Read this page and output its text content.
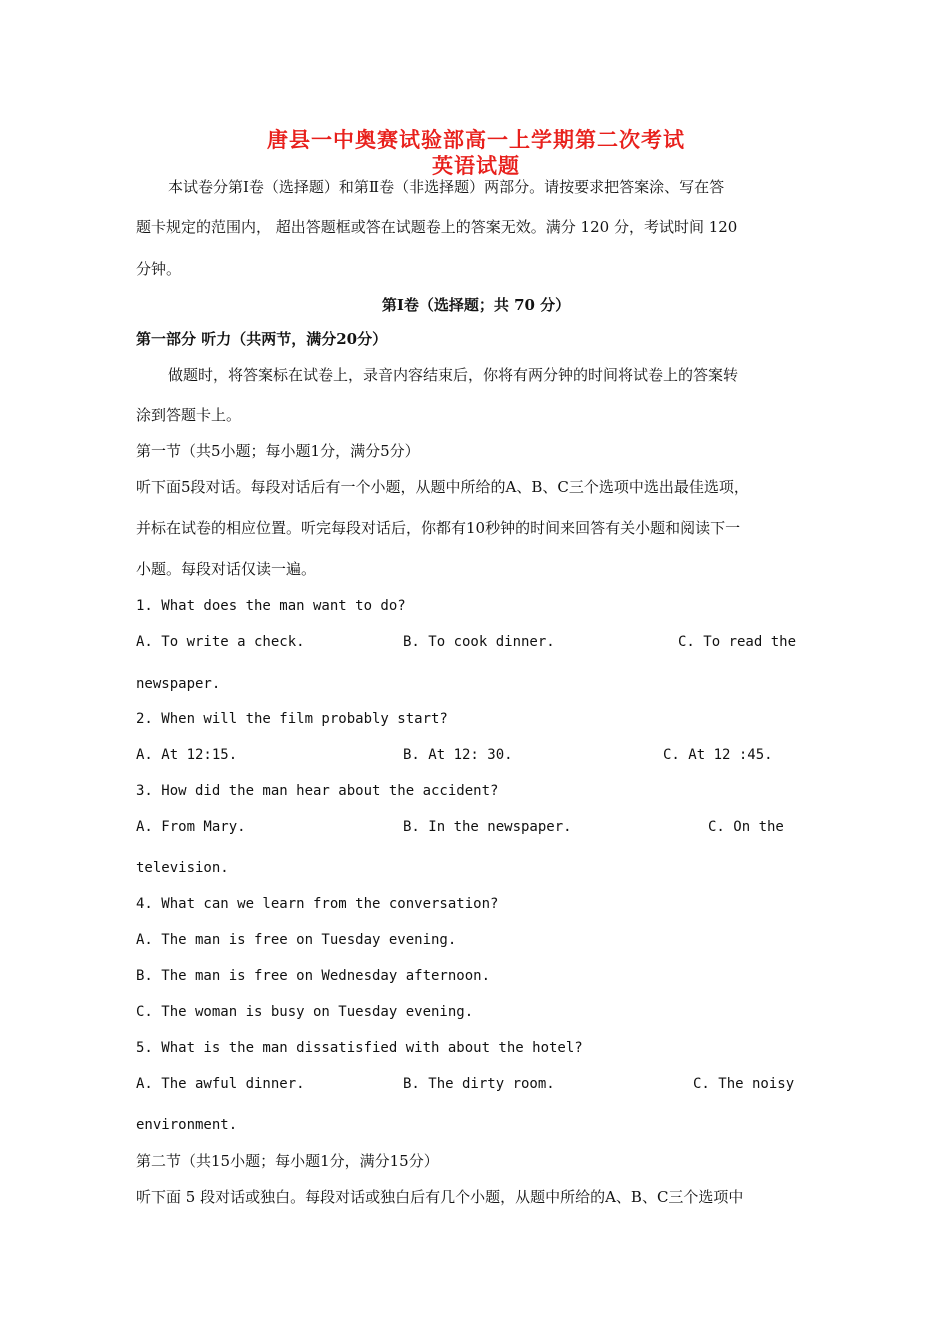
唐县一中奥赛试验部高一上学期第二次考试
英语试题
本试卷分第Ⅰ卷（选择题）和第Ⅱ卷（非选择题）两部分。请按要求把答案涂、写在答
题卡规定的范围内， 超出答题框或答在试题卷上的答案无效。满分 120 分，考试时间 120
分钟。
第Ⅰ卷（选择题；共 70 分）
第一部分 听力（共两节，满分20分）
做题时，将答案标在试卷上，录音内容结束后，你将有两分钟的时间将试卷上的答案转
涂到答题卡上。
第一节（共5小题；每小题1分，满分5分）
听下面5段对话。每段对话后有一个小题，从题中所给的A、B、C三个选项中选出最佳选项，
并标在试卷的相应位置。听完每段对话后，你都有10秒钟的时间来回答有关小题和阅读下一
小题。每段对话仅读一遍。
1. What does the man want to do?
A. To write a check.	B. To cook dinner.	C. To read the
newspaper.
2. When will the film probably start?
A. At 12:15.	B. At 12: 30.	C. At 12 :45.
3. How did the man hear about the accident?
A. From Mary.	B. In the newspaper.	C. On the
television.
4. What can we learn from the conversation?
A. The man is free on Tuesday evening.
B. The man is free on Wednesday afternoon.
C. The woman is busy on Tuesday evening.
5. What is the man dissatisfied with about the hotel?
A. The awful dinner.	B. The dirty room.	C. The noisy
environment.
第二节（共15小题；每小题1分，满分15分）
听下面 5 段对话或独白。每段对话或独白后有几个小题，从题中所给的A、B、C三个选项中
